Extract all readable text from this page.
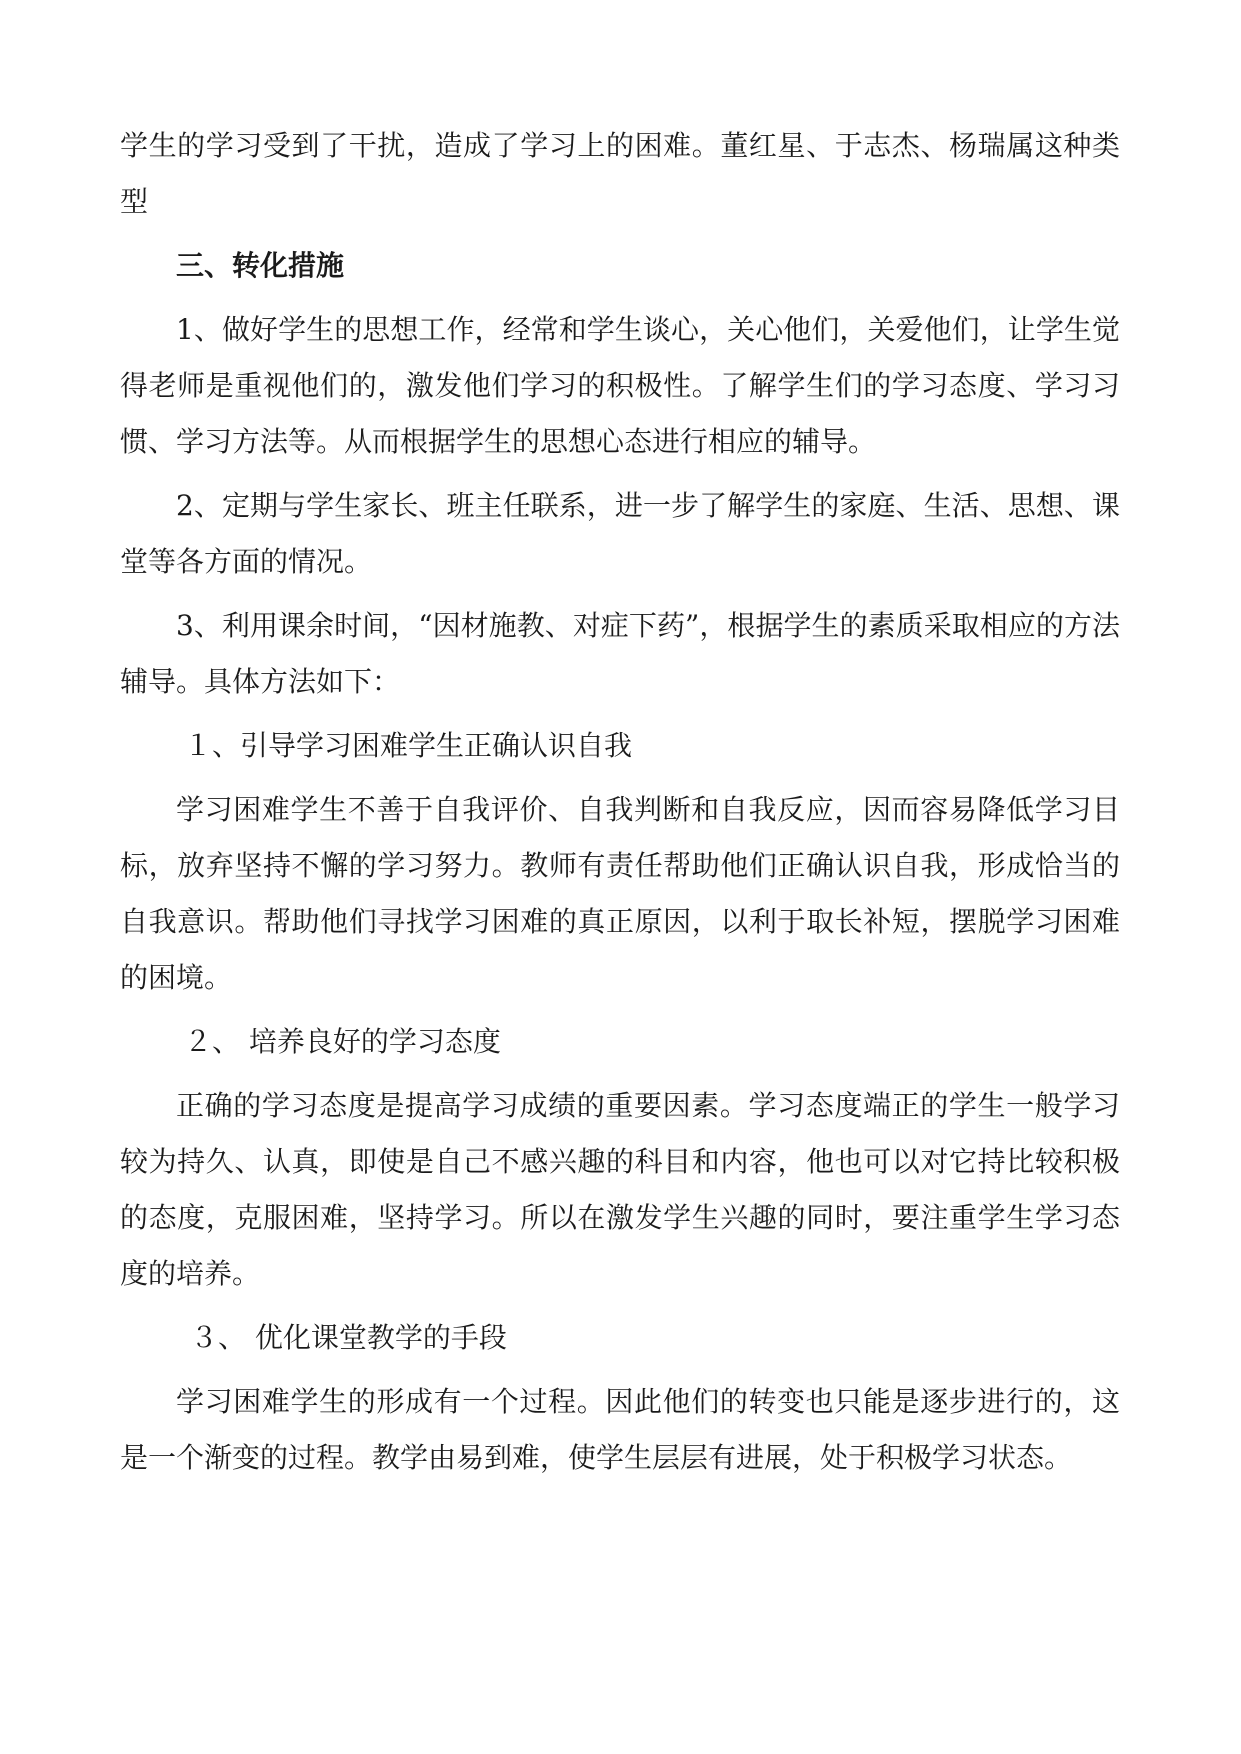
学生的学习受到了干扰，造成了学习上的困难。董红星、于志杰、杨瑞属这种类型

三、转化措施

1、做好学生的思想工作，经常和学生谈心，关心他们，关爱他们，让学生觉得老师是重视他们的，激发他们学习的积极性。了解学生们的学习态度、学习习惯、学习方法等。从而根据学生的思想心态进行相应的辅导。

2、定期与学生家长、班主任联系，进一步了解学生的家庭、生活、思想、课堂等各方面的情况。

3、利用课余时间，“因材施教、对症下药”，根据学生的素质采取相应的方法辅导。具体方法如下：

１、引导学习困难学生正确认识自我

学习困难学生不善于自我评价、自我判断和自我反应，因而容易降低学习目标，放弃坚持不懈的学习努力。教师有责任帮助他们正确认识自我，形成恰当的自我意识。帮助他们寻找学习困难的真正原因，以利于取长补短，摆脱学习困难的困境。

２、 培养良好的学习态度

正确的学习态度是提高学习成绩的重要因素。学习态度端正的学生一般学习较为持久、认真，即使是自己不感兴趣的科目和内容，他也可以对它持比较积极的态度，克服困难，坚持学习。所以在激发学生兴趣的同时，要注重学生学习态度的培养。

３、 优化课堂教学的手段

学习困难学生的形成有一个过程。因此他们的转变也只能是逐步进行的，这是一个渐变的过程。教学由易到难，使学生层层有进展，处于积极学习状态。
